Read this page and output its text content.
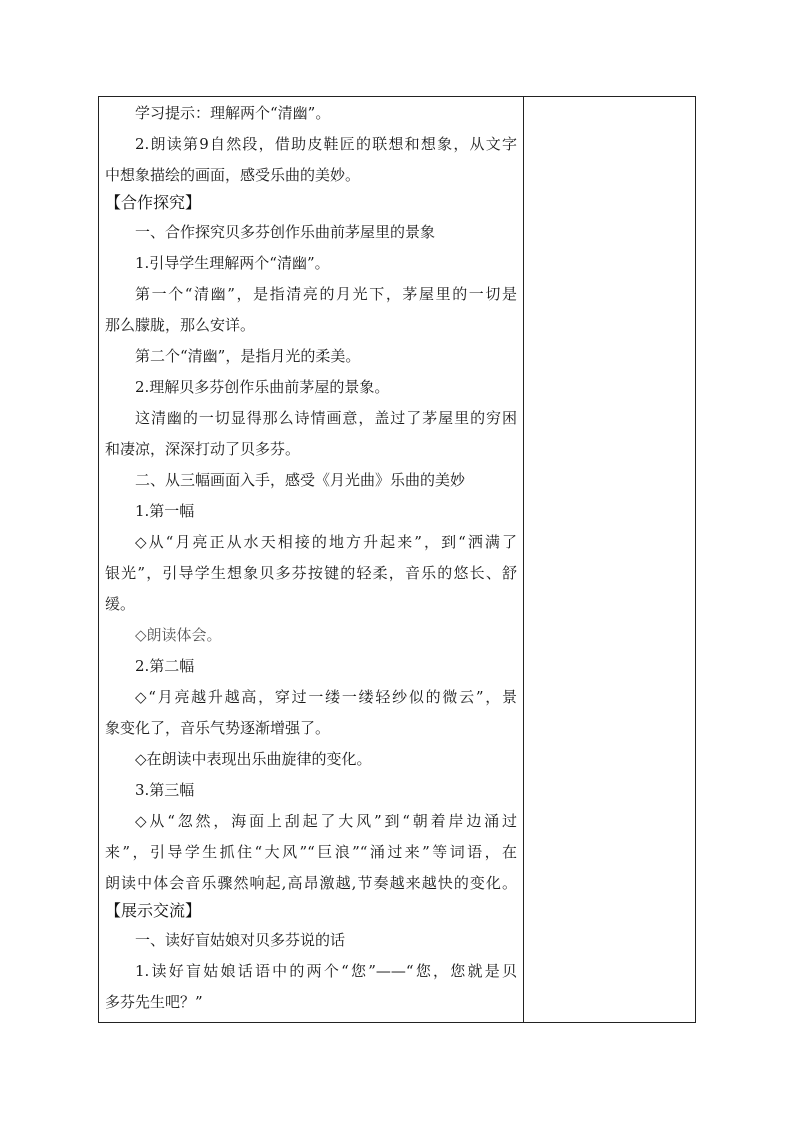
学习提示：理解两个“清幽”。
2.朗读第9自然段，借助皮鞋匠的联想和想象，从文字
中想象描绘的画面，感受乐曲的美妙。
【合作探究】
一、合作探究贝多芬创作乐曲前茅屋里的景象
1.引导学生理解两个“清幽”。
第一个“清幽”，是指清亮的月光下，茅屋里的一切是
那么朦胧，那么安详。
第二个“清幽”，是指月光的柔美。
2.理解贝多芬创作乐曲前茅屋的景象。
这清幽的一切显得那么诗情画意，盖过了茅屋里的穷困
和凄凉，深深打动了贝多芬。
二、从三幅画面入手，感受《月光曲》乐曲的美妙
1.第一幅
◇从“月亮正从水天相接的地方升起来”，到“洒满了
银光”，引导学生想象贝多芬按键的轻柔，音乐的悠长、舒
缓。
◇朗读体会。
2.第二幅
◇“月亮越升越高，穿过一缕一缕轻纱似的微云”，景
象变化了，音乐气势逐渐增强了。
◇在朗读中表现出乐曲旋律的变化。
3.第三幅
◇从“忽然，海面上刮起了大风”到“朝着岸边涌过
来”，引导学生抓住“大风”“巨浪”“涌过来”等词语，在
朗读中体会音乐骤然响起,高昂激越,节奏越来越快的变化。
【展示交流】
一、读好盲姑娘对贝多芬说的话
1.读好盲姑娘话语中的两个“您”——“您，您就是贝
多芬先生吧？”
